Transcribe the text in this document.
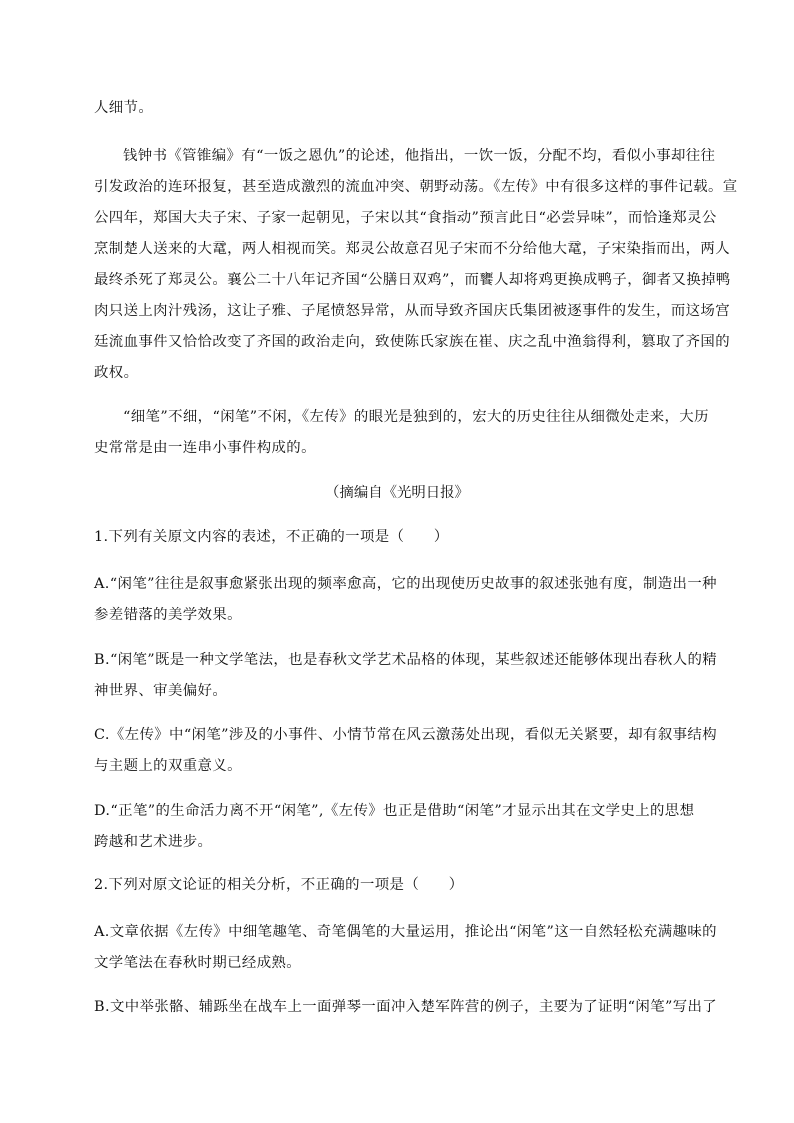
人细节。
钱钟书《管锥编》有“一饭之恩仇”的论述，他指出，一饮一饭，分配不均，看似小事却往往
引发政治的连环报复，甚至造成激烈的流血冲突、朝野动荡。《左传》中有很多这样的事件记载。宣
公四年，郑国大夫子宋、子家一起朝见，子宋以其“食指动”预言此日“必尝异味”，而恰逢郑灵公
烹制楚人送来的大鼋，两人相视而笑。郑灵公故意召见子宋而不分给他大鼋，子宋染指而出，两人
最终杀死了郑灵公。襄公二十八年记齐国“公膳日双鸡”，而饔人却将鸡更换成鸭子，御者又换掉鸭
肉只送上肉汁残汤，这让子雅、子尾愤怒异常，从而导致齐国庆氏集团被逐事件的发生，而这场宫
廷流血事件又恰恰改变了齐国的政治走向，致使陈氏家族在崔、庆之乱中渔翁得利，篡取了齐国的
政权。
“细笔”不细，“闲笔”不闲，《左传》的眼光是独到的，宏大的历史往往从细微处走来，大历
史常常是由一连串小事件构成的。

（摘编自《光明日报》

1.下列有关原文内容的表述，不正确的一项是（　　）
A.“闲笔”往往是叙事愈紧张出现的频率愈高，它的出现使历史故事的叙述张弛有度，制造出一种
参差错落的美学效果。
B.“闲笔”既是一种文学笔法，也是春秋文学艺术品格的体现，某些叙述还能够体现出春秋人的精
神世界、审美偏好。
C.《左传》中“闲笔”涉及的小事件、小情节常在风云激荡处出现，看似无关紧要，却有叙事结构
与主题上的双重意义。
D.“正笔”的生命活力离不开“闲笔”,《左传》也正是借助“闲笔”才显示出其在文学史上的思想
跨越和艺术进步。
2.下列对原文论证的相关分析，不正确的一项是（　　）
A.文章依据《左传》中细笔趣笔、奇笔偶笔的大量运用，推论出“闲笔”这一自然轻松充满趣味的
文学笔法在春秋时期已经成熟。
B.文中举张骼、辅跞坐在战车上一面弹琴一面冲入楚军阵营的例子，主要为了证明“闲笔”写出了
